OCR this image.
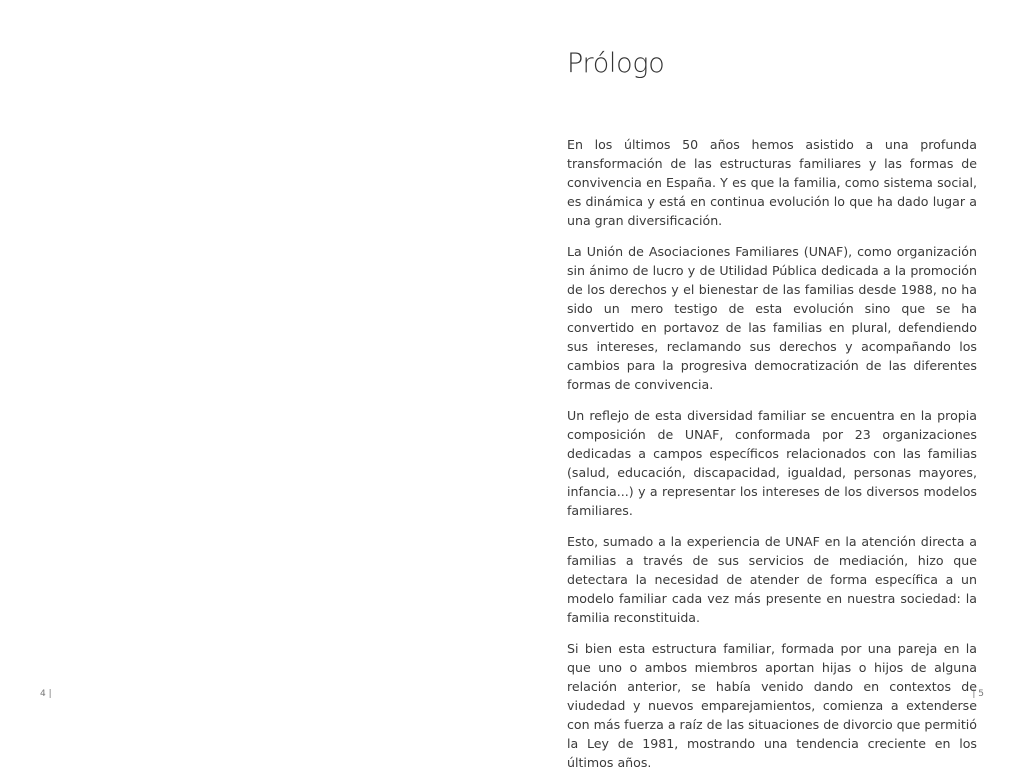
4 |
Prólogo

En los últimos 50 años hemos asistido a una profunda transformación de las estructuras familiares y las formas de convivencia en España. Y es que la familia, como sistema social, es dinámica y está en continua evolución lo que ha dado lugar a una gran diversificación.

La Unión de Asociaciones Familiares (UNAF), como organización sin ánimo de lucro y de Utilidad Pública dedicada a la promoción de los derechos y el bienestar de las familias desde 1988, no ha sido un mero testigo de esta evolución sino que se ha convertido en portavoz de las familias en plural, defendiendo sus intereses, reclamando sus derechos y acompañando los cambios para la progresiva democratización de las diferentes formas de convivencia.

Un reflejo de esta diversidad familiar se encuentra en la propia composición de UNAF, conformada por 23 organizaciones dedicadas a campos específicos relacionados con las familias (salud, educación, discapacidad, igualdad, personas mayores, infancia...) y a representar los intereses de los diversos modelos familiares.

Esto, sumado a la experiencia de UNAF en la atención directa a familias a través de sus servicios de mediación, hizo que detectara la necesidad de atender de forma específica a un modelo familiar cada vez más presente en nuestra sociedad: la familia reconstituida.

Si bien esta estructura familiar, formada por una pareja en la que uno o ambos miembros aportan hijas o hijos de alguna relación anterior, se había venido dando en contextos de viudedad y nuevos emparejamientos, comienza a extenderse con más fuerza a raíz de las situaciones de divorcio que permitió la Ley de 1981, mostrando una tendencia creciente en los últimos años.

| 5
